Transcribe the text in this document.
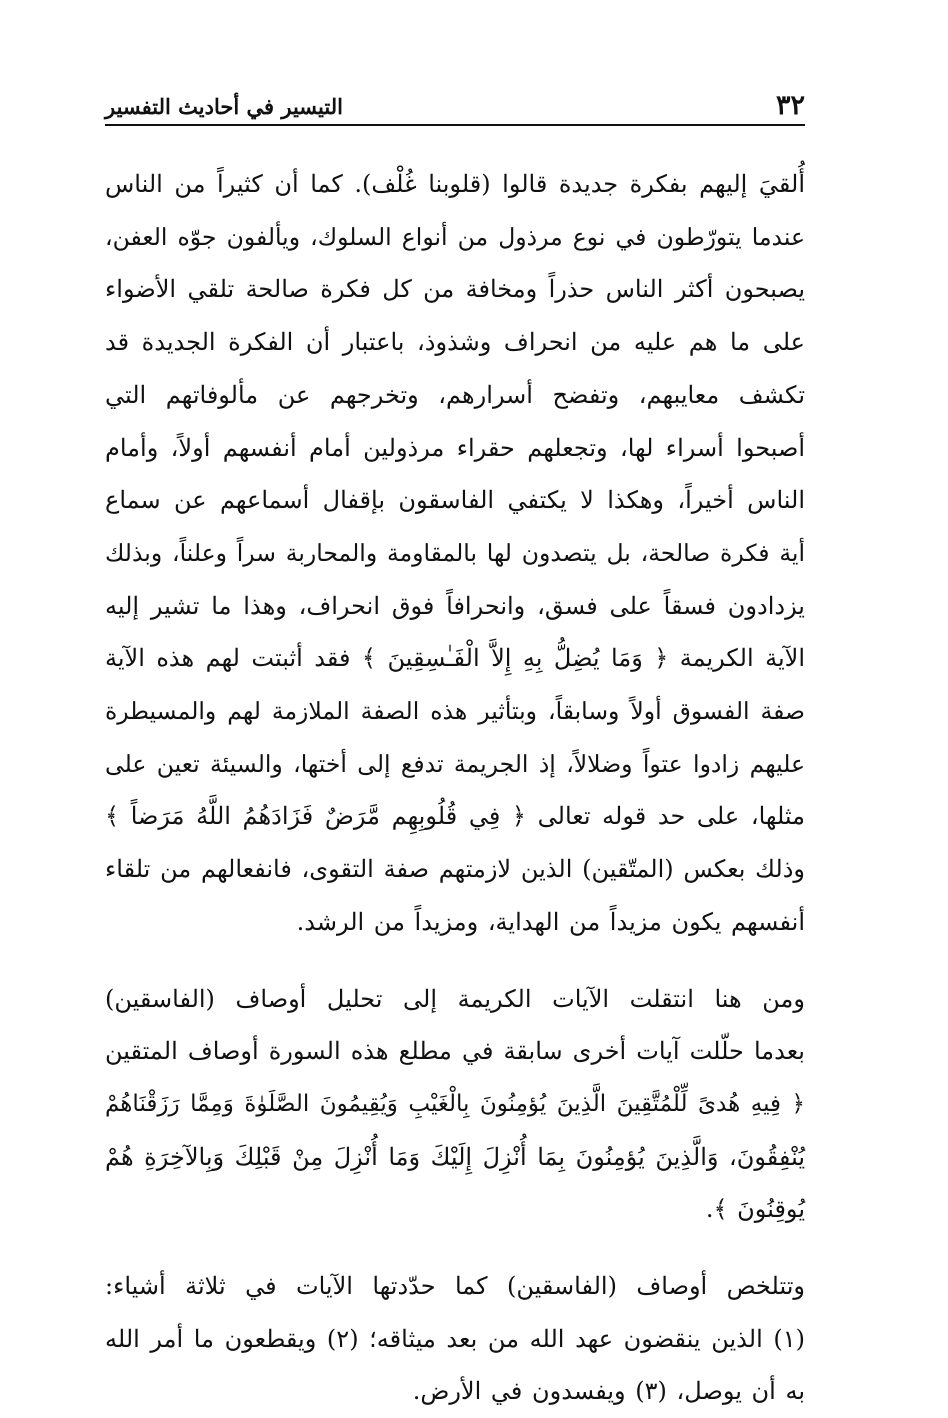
٣٢
التيسير في أحاديث التفسير

أُلقيَ إليهم بفكرة جديدة قالوا (قلوبنا غُلْف). كما أن كثيراً من الناس
عندما يتورّطون في نوع مرذول من أنواع السلوك، ويألفون جوّه العفن،
يصبحون أكثر الناس حذراً ومخافة من كل فكرة صالحة تلقي الأضواء
على ما هم عليه من انحراف وشذوذ، باعتبار أن الفكرة الجديدة قد
تكشف معايبهم، وتفضح أسرارهم، وتخرجهم عن مألوفاتهم التي
أصبحوا أسراء لها، وتجعلهم حقراء مرذولين أمام أنفسهم أولاً، وأمام
الناس أخيراً، وهكذا لا يكتفي الفاسقون بإقفال أسماعهم عن سماع
أية فكرة صالحة، بل يتصدون لها بالمقاومة والمحاربة سراً وعلناً، وبذلك
يزدادون فسقاً على فسق، وانحرافاً فوق انحراف، وهذا ما تشير إليه
الآية الكريمة ﴿ وَمَا يُضِلُّ بِهِ إِلاَّ الْفَـٰسِقِينَ ﴾ فقد أثبتت لهم هذه الآية
صفة الفسوق أولاً وسابقاً، وبتأثير هذه الصفة الملازمة لهم والمسيطرة
عليهم زادوا عتواً وضلالاً، إذ الجريمة تدفع إلى أختها، والسيئة تعين على
مثلها، على حد قوله تعالى ﴿ فِي قُلُوبِهِم مَّرَضٌ فَزَادَهُمُ اللَّهُ مَرَضاً ﴾
وذلك بعكس (المتّقين) الذين لازمتهم صفة التقوى، فانفعالهم من تلقاء
أنفسهم يكون مزيداً من الهداية، ومزيداً من الرشد.

ومن هنا انتقلت الآيات الكريمة إلى تحليل أوصاف (الفاسقين)
بعدما حلّلت آيات أخرى سابقة في مطلع هذه السورة أوصاف المتقين
﴿ فِيهِ هُدىً لِّلْمُتَّقِينَ الَّذِينَ يُؤمِنُونَ بِالْغَيْبِ وَيُقِيمُونَ الصَّلَوٰةَ وَمِمَّا رَزَقْنَاهُمْ
يُنْفِقُونَ، وَالَّذِينَ يُؤمِنُونَ بِمَا أُنْزِلَ إِلَيْكَ وَمَا أُنْزِلَ مِنْ قَبْلِكَ وَبِالآخِرَةِ هُمْ
يُوقِنُونَ ﴾.

وتتلخص أوصاف (الفاسقين) كما حدّدتها الآيات في ثلاثة أشياء:
(١) الذين ينقضون عهد الله من بعد ميثاقه؛ (٢) ويقطعون ما أمر الله
به أن يوصل، (٣) ويفسدون في الأرض.
